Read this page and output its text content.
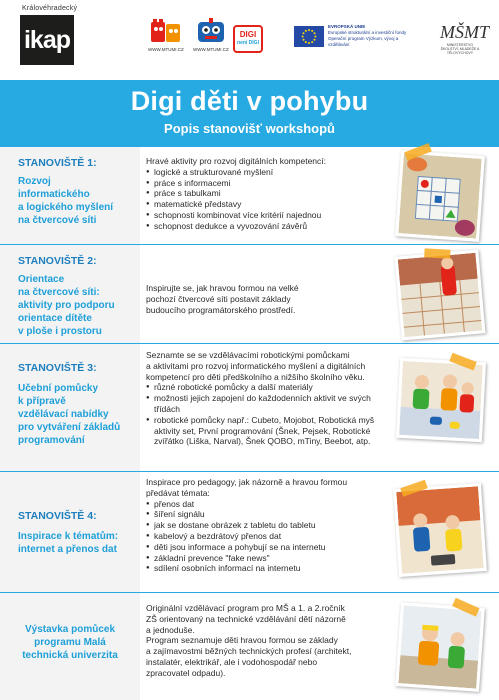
Královéhradecký
ikap	WWW.MTUMI.CZ WWW.MTUMI.CZ
DIGI
není DIGI
EVROPSKÁ UNIE
Evropské strukturální a investiční fondy
Operační program Výzkum, vývoj a vzdělávání
MŠMT
MINISTERSTVO ŠKOLSTVÍ, MLÁDEŽE A TĚLOVÝCHOVY
Digi děti v pohybu
Popis stanovišť workshopů
STANOVIŠTĚ 1:
Rozvoj
informatického
a logického myšlení
na čtvercové síti

Hravé aktivity pro rozvoj digitálních kompetencí:

● logické a strukturované myšlení
● práce s informacemi
● práce s tabulkami
● matematické představy
● schopnosti kombinovat více kritérií najednou
● schopnost dedukce a vyvozování závěrů
STANOVIŠTĚ 2:
Orientace
na čtvercové síti:
aktivity pro podporu
orientace dítěte
v ploše i prostoru

Inspirujte se, jak hravou formou na velké

pochozí čtvercové síti postavit základy

budoucího programátorského prostředí.

STANOVIŠTĚ 3:
Učební pomůcky
k přípravě
vzdělávací nabídky
pro vytváření základů
programování

Seznamte se se vzdělávacími robotickými pomůckami

a aktivitami pro rozvoj informatického myšlení a digitálních

kompetencí pro děti předškolního a nižšího školního věku.

● různé robotické pomůcky a další materiály
● možnosti jejich zapojení do každodenních aktivit ve svých třídách
● robotické pomůcky např.: Cubeto, Mojobot, Robotická myš aktivity set, První programování (Šnek, Pejsek, Robotické zvířátko (Liška, Narval), Šnek QOBO, mTiny, Beebot, atp.
STANOVIŠTĚ 4:
Inspirace k tématům:
internet a přenos dat

Inspirace pro pedagogy, jak názorně a hravou formou

předávat témata:

● přenos dat
● šíření signálu
● jak se dostane obrázek z tabletu do tabletu
● kabelový a bezdrátový přenos dat
● děti jsou informace a pohybují se na internetu
● základní prevence "fake news"
● sdílení osobních informací na internetu
Výstavka pomůcek
programu Malá
technická univerzita

Originální vzdělávací program pro MŠ a 1. a 2.ročník

ZŠ orientovaný na technické vzdělávání dětí názorně

a jednoduše.

Program seznamuje děti hravou formou se základy

a zajímavostmi běžných technických profesí (architekt,

instalatér, elektrikář, ale i vodohospodář nebo

zpracovatel odpadu).
